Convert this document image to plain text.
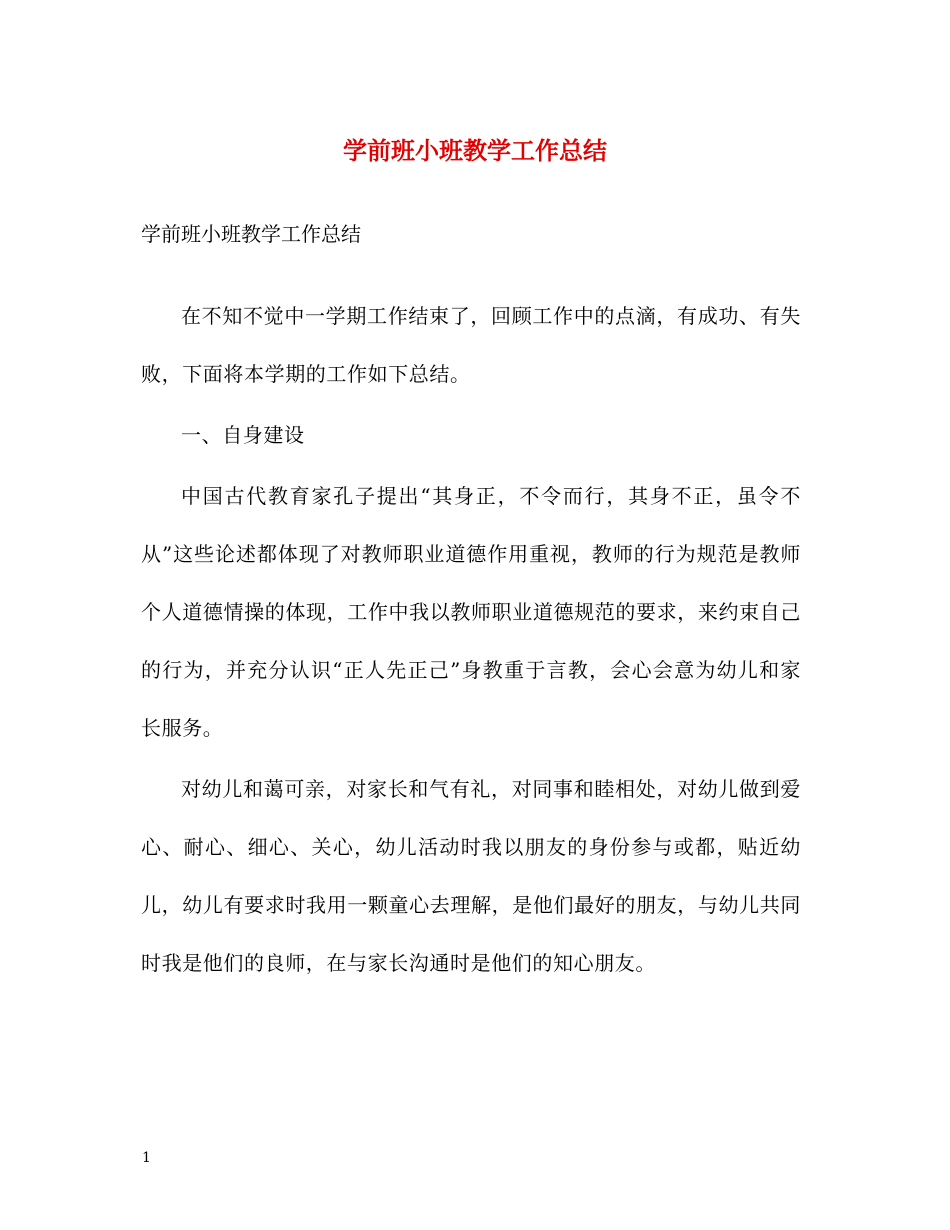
学前班小班教学工作总结
学前班小班教学工作总结

在不知不觉中一学期工作结束了，回顾工作中的点滴，有成功、有失败，下面将本学期的工作如下总结。

一、自身建设

中国古代教育家孔子提出“其身正，不令而行，其身不正，虽令不从”这些论述都体现了对教师职业道德作用重视，教师的行为规范是教师个人道德情操的体现，工作中我以教师职业道德规范的要求，来约束自己的行为，并充分认识“正人先正己”身教重于言教，会心会意为幼儿和家长服务。

对幼儿和蔼可亲，对家长和气有礼，对同事和睦相处，对幼儿做到爱心、耐心、细心、关心，幼儿活动时我以朋友的身份参与或都，贴近幼儿，幼儿有要求时我用一颗童心去理解，是他们最好的朋友，与幼儿共同时我是他们的良师，在与家长沟通时是他们的知心朋友。

1
